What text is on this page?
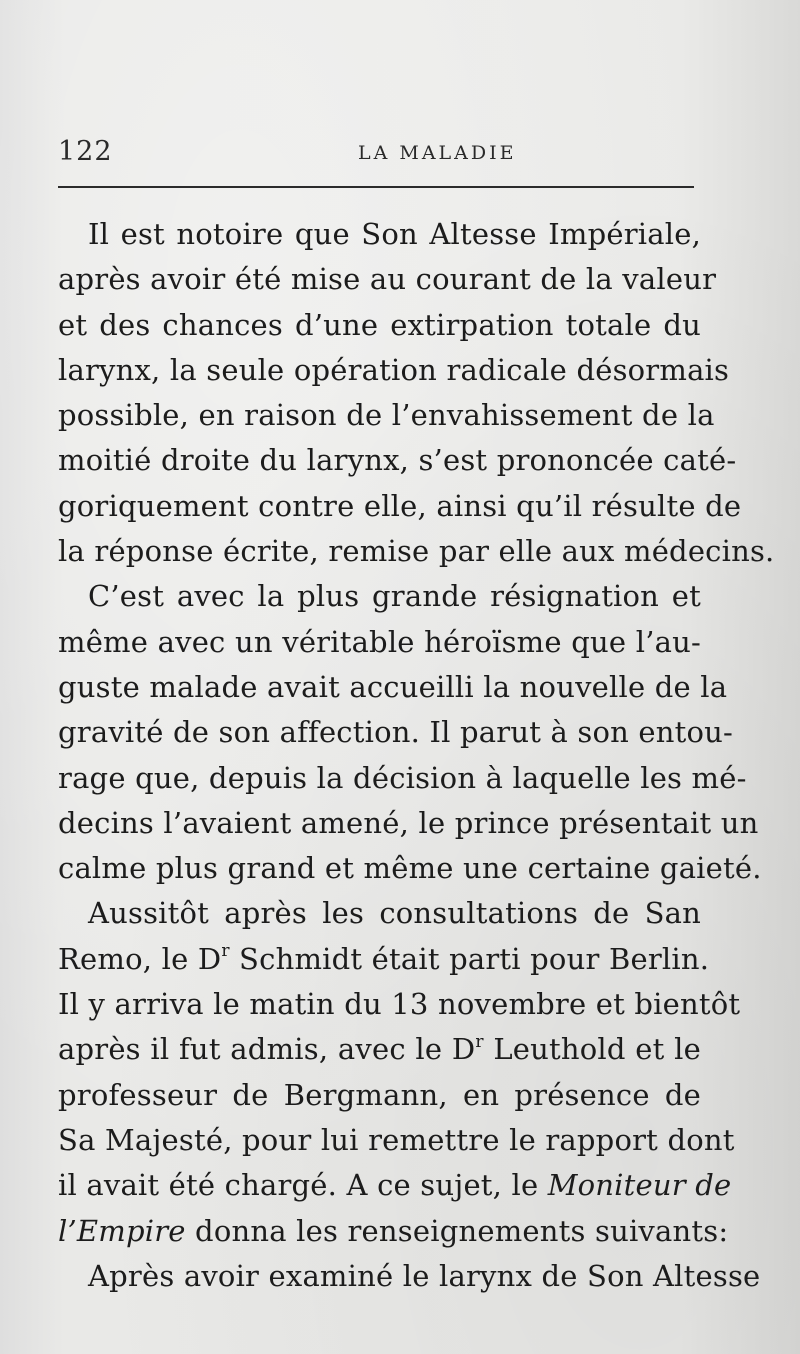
122	LA MALADIE
Il est notoire que Son Altesse Impériale,
après avoir été mise au courant de la valeur
et des chances d’une extirpation totale du
larynx, la seule opération radicale désormais
possible, en raison de l’envahissement de la
moitié droite du larynx, s’est prononcée caté-
goriquement contre elle, ainsi qu’il résulte de
la réponse écrite, remise par elle aux médecins.
C’est avec la plus grande résignation et
même avec un véritable héroïsme que l’au-
guste malade avait accueilli la nouvelle de la
gravité de son affection. Il parut à son entou-
rage que, depuis la décision à laquelle les mé-
decins l’avaient amené, le prince présentait un
calme plus grand et même une certaine gaieté.
Aussitôt après les consultations de San
Remo, le $D^r$ Schmidt était parti pour Berlin.
Il y arriva le matin du 13 novembre et bientôt
après il fut admis, avec le $D^r$ Leuthold et le
professeur de Bergmann, en présence de
Sa Majesté, pour lui remettre le rapport dont
il avait été chargé. A ce sujet, le Moniteur de
l’Empire donna les renseignements suivants:
Après avoir examiné le larynx de Son Altesse
